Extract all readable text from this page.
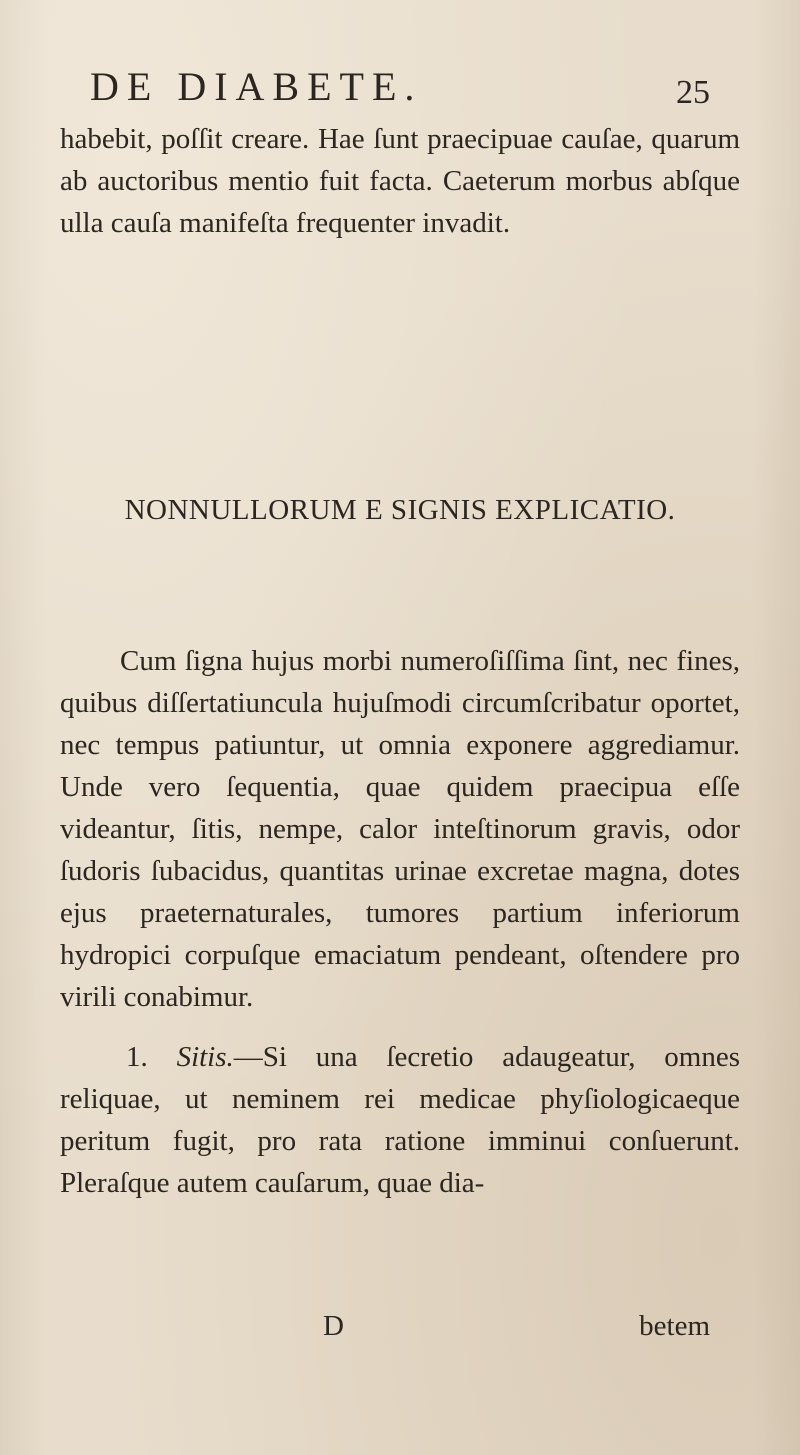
DE DIABETE.	25

habebit, poſſit creare. Hae ſunt praecipuae cauſae, quarum ab auctoribus mentio fuit facta. Caeterum morbus abſque ulla cauſa manifeſta frequenter invadit.

NONNULLORUM E SIGNIS EXPLICATIO.

Cum ſigna hujus morbi numeroſiſſima ſint, nec fines, quibus diſſertatiuncula hujuſmodi circumſcribatur oportet, nec tempus patiuntur, ut omnia exponere aggrediamur. Unde vero ſequentia, quae quidem praecipua eſſe videantur, ſitis, nempe, calor inteſtinorum gravis, odor ſudoris ſubacidus, quantitas urinae excretae magna, dotes ejus praeternaturales, tumores partium inferiorum hydropici corpuſque emaciatum pendeant, oſtendere pro virili conabimur.

1. Sitis.—Si una ſecretio adaugeatur, omnes reliquae, ut neminem rei medicae phyſiologicaeque peritum fugit, pro rata ratione imminui conſuerunt. Pleraſque autem cauſarum, quae dia-

D	betem
